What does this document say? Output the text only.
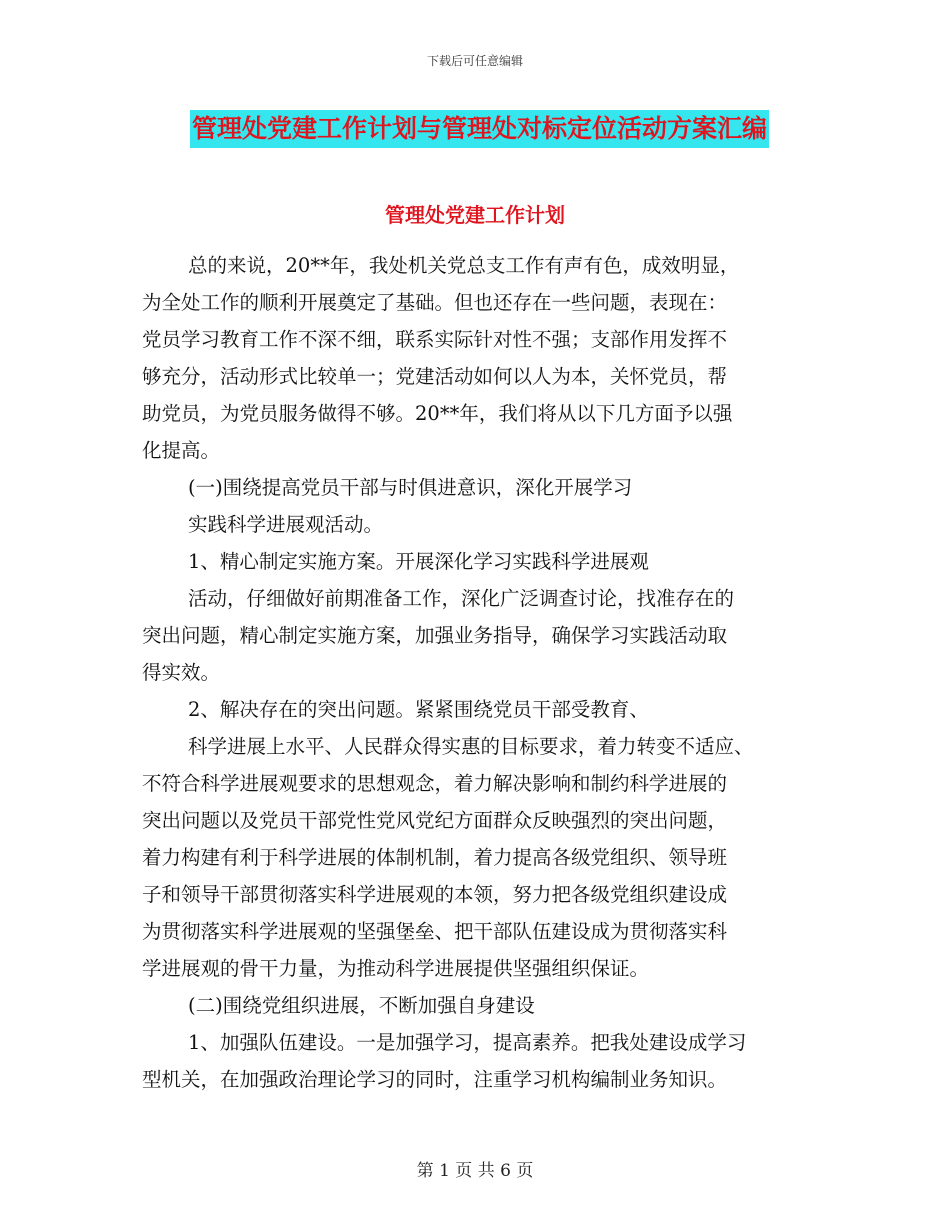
下载后可任意编辑
管理处党建工作计划与管理处对标定位活动方案汇编
管理处党建工作计划
总的来说，20**年，我处机关党总支工作有声有色，成效明显，
为全处工作的顺利开展奠定了基础。但也还存在一些问题，表现在：
党员学习教育工作不深不细，联系实际针对性不强；支部作用发挥不
够充分，活动形式比较单一；党建活动如何以人为本，关怀党员，帮
助党员，为党员服务做得不够。20**年，我们将从以下几方面予以强
化提高。
(一)围绕提高党员干部与时俱进意识，深化开展学习
实践科学进展观活动。
1、精心制定实施方案。开展深化学习实践科学进展观
活动，仔细做好前期准备工作，深化广泛调查讨论，找准存在的
突出问题，精心制定实施方案，加强业务指导，确保学习实践活动取
得实效。
2、解决存在的突出问题。紧紧围绕党员干部受教育、
科学进展上水平、人民群众得实惠的目标要求，着力转变不适应、
不符合科学进展观要求的思想观念，着力解决影响和制约科学进展的
突出问题以及党员干部党性党风党纪方面群众反映强烈的突出问题，
着力构建有利于科学进展的体制机制，着力提高各级党组织、领导班
子和领导干部贯彻落实科学进展观的本领，努力把各级党组织建设成
为贯彻落实科学进展观的坚强堡垒、把干部队伍建设成为贯彻落实科
学进展观的骨干力量，为推动科学进展提供坚强组织保证。
(二)围绕党组织进展，不断加强自身建设
1、加强队伍建设。一是加强学习，提高素养。把我处建设成学习
型机关，在加强政治理论学习的同时，注重学习机构编制业务知识。
第 1 页 共 6 页
